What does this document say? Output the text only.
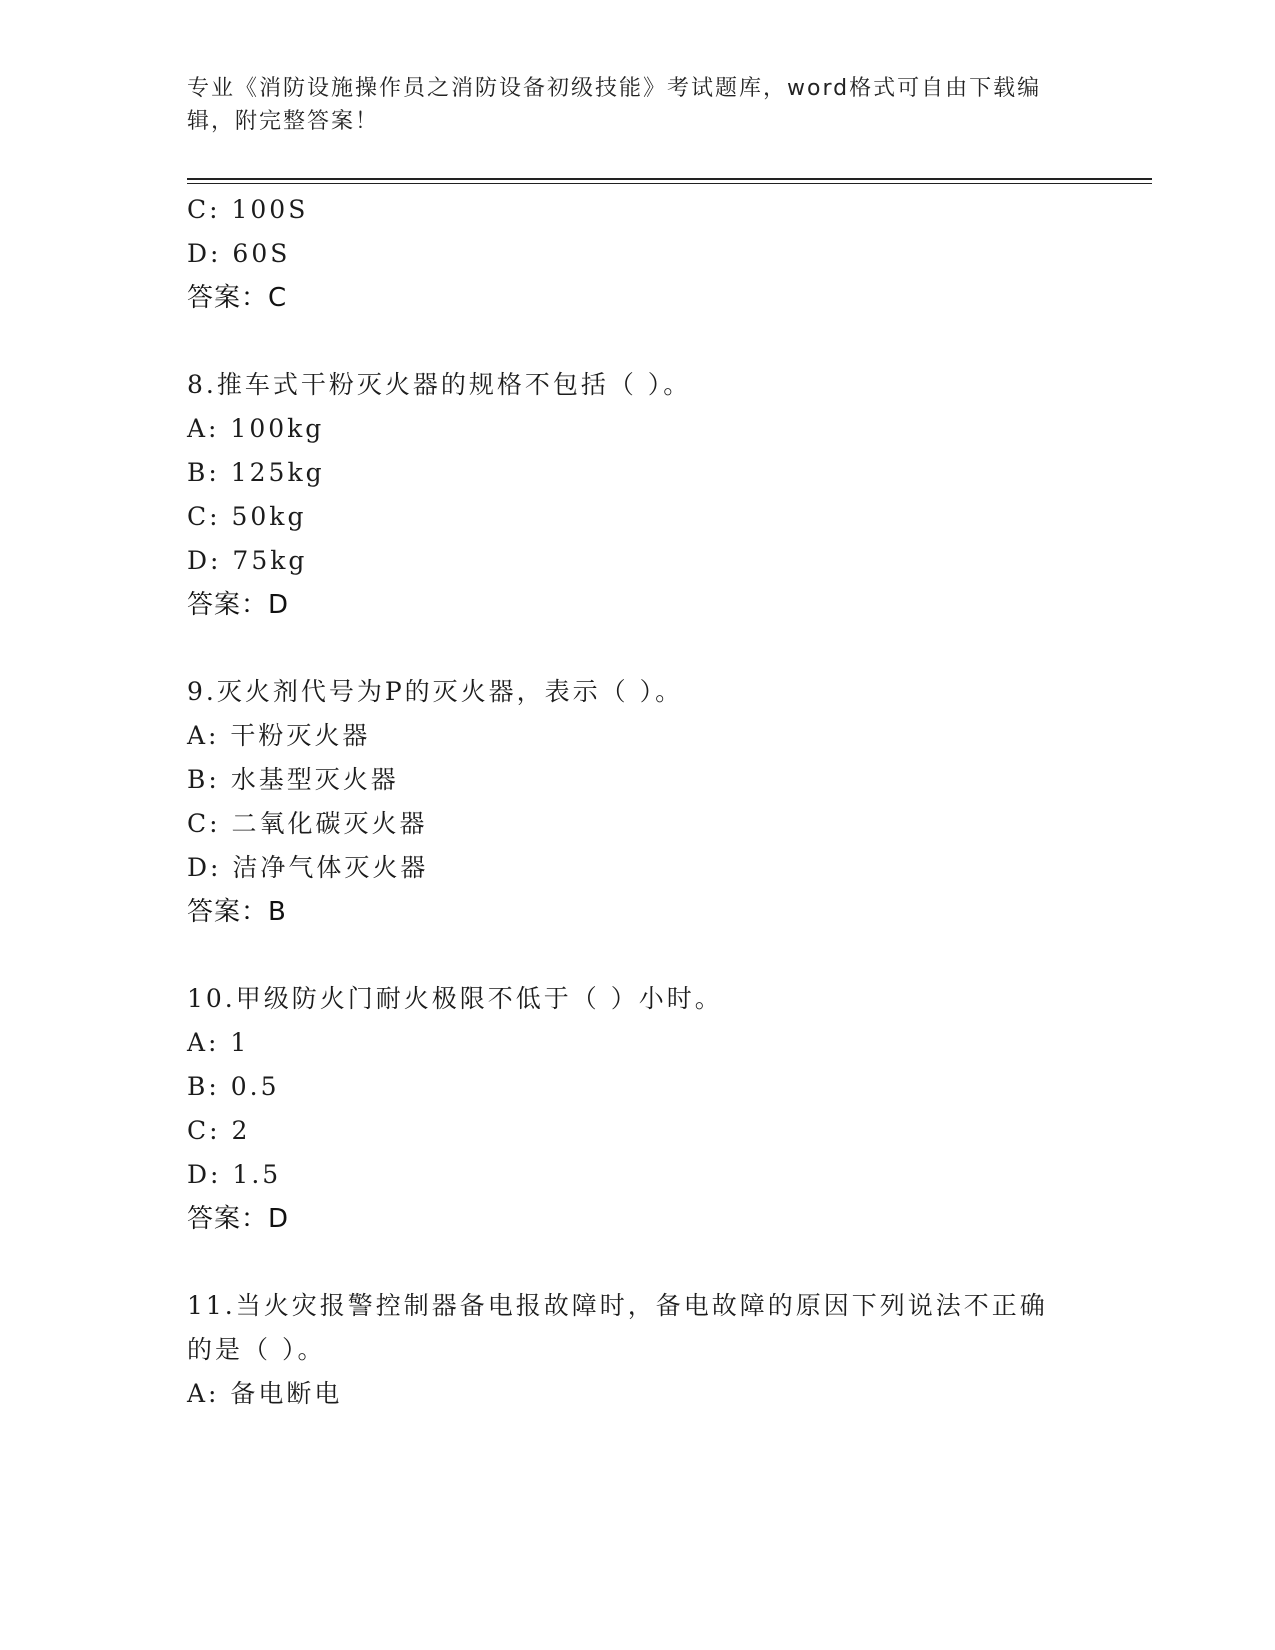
专业《消防设施操作员之消防设备初级技能》考试题库，word格式可自由下载编辑，附完整答案！
C: 100S
D: 60S
答案：C
8.推车式干粉灭火器的规格不包括（ ）。
A: 100kg
B: 125kg
C: 50kg
D: 75kg
答案：D
9.灭火剂代号为P的灭火器，表示（ ）。
A: 干粉灭火器
B: 水基型灭火器
C: 二氧化碳灭火器
D: 洁净气体灭火器
答案：B
10.甲级防火门耐火极限不低于（ ）小时。
A: 1
B: 0.5
C: 2
D: 1.5
答案：D
11.当火灾报警控制器备电报故障时，备电故障的原因下列说法不正确
的是（ ）。
A: 备电断电
